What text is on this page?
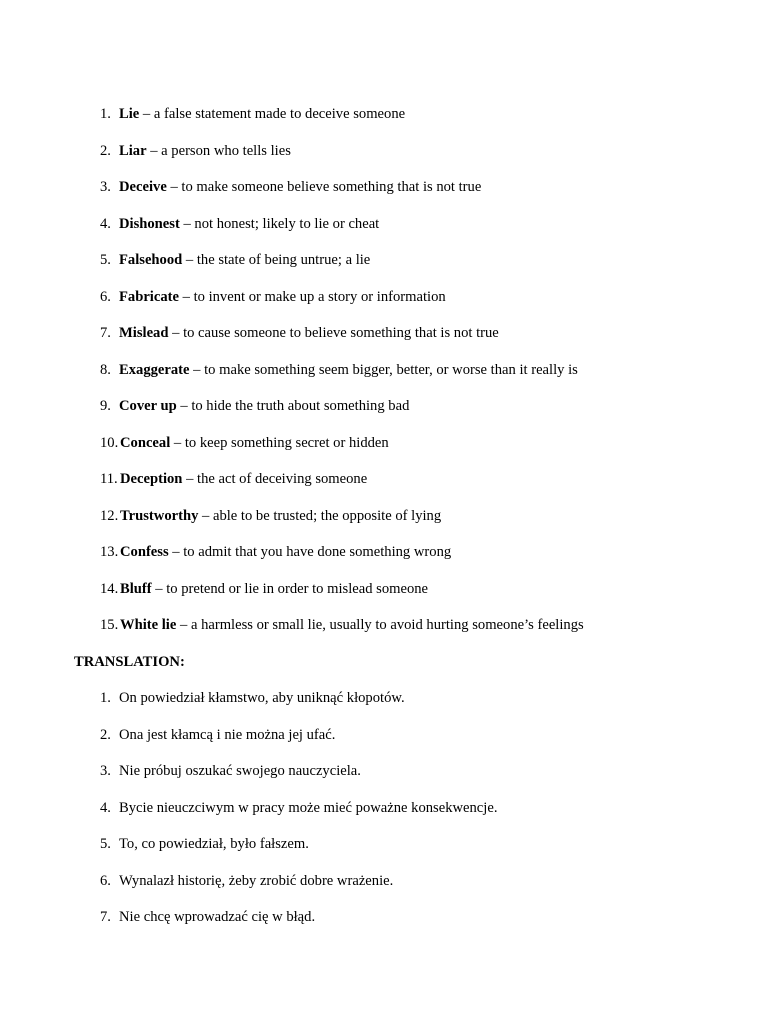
1. Lie – a false statement made to deceive someone
2. Liar – a person who tells lies
3. Deceive – to make someone believe something that is not true
4. Dishonest – not honest; likely to lie or cheat
5. Falsehood – the state of being untrue; a lie
6. Fabricate – to invent or make up a story or information
7. Mislead – to cause someone to believe something that is not true
8. Exaggerate – to make something seem bigger, better, or worse than it really is
9. Cover up – to hide the truth about something bad
10. Conceal – to keep something secret or hidden
11. Deception – the act of deceiving someone
12. Trustworthy – able to be trusted; the opposite of lying
13. Confess – to admit that you have done something wrong
14. Bluff – to pretend or lie in order to mislead someone
15. White lie – a harmless or small lie, usually to avoid hurting someone’s feelings
TRANSLATION:
1. On powiedział kłamstwo, aby uniknąć kłopotów.
2. Ona jest kłamcą i nie można jej ufać.
3. Nie próbuj oszukać swojego nauczyciela.
4. Bycie nieuczciwym w pracy może mieć poważne konsekwencje.
5. To, co powiedział, było fałszem.
6. Wynalazł historię, żeby zrobić dobre wrażenie.
7. Nie chcę wprowadzać cię w błąd.
